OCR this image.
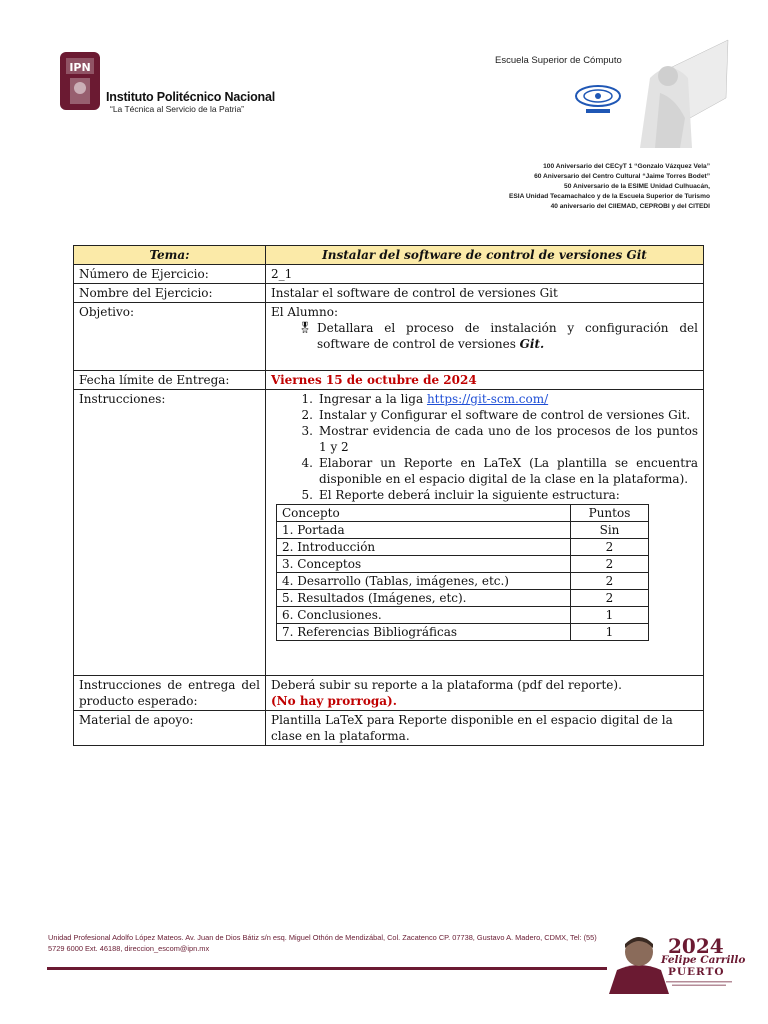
IPN
Instituto Politécnico Nacional
“La Técnica al Servicio de la Patria”
Escuela Superior de Cómputo
100 Aniversario del CECyT 1 “Gonzalo Vázquez Vela”
60 Aniversario del Centro Cultural “Jaime Torres Bodet”
50 Aniversario de la ESIME Unidad Culhuacán,
ESIA Unidad Tecamachalco y de la Escuela Superior de Turismo
40 aniversario del CIIEMAD, CEPROBI y del CITEDI
Tema:	Instalar del software de control de versiones Git
Número de Ejercicio:	2_1
Nombre del Ejercicio:	Instalar el software de control de versiones Git
Objetivo:	El Alumno:
🎖 Detallara el proceso de instalación y configuración del software de control de versiones Git.

Fecha límite de Entrega:	Viernes 15 de octubre de 2024
Instrucciones:	1. Ingresar a la liga https://git-scm.com/
2. Instalar y Configurar el software de control de versiones Git.
3. Mostrar evidencia de cada uno de los procesos de los puntos 1 y 2
4. Elaborar un Reporte en LaTeX (La plantilla se encuentra disponible en el espacio digital de la clase en la plataforma).
5. El Reporte deberá incluir la siguiente estructura:
Concepto	Puntos
1. Portada	Sin
2. Introducción	2
3. Conceptos	2
4. Desarrollo (Tablas, imágenes, etc.)	2
5. Resultados (Imágenes, etc).	2
6. Conclusiones.	1
7. Referencias Bibliográficas	1

Instrucciones de entrega del producto esperado:	
Deberá subir su reporte a la plataforma (pdf del reporte).
(No hay prorroga).

Material de apoyo:	Plantilla LaTeX para Reporte disponible en el espacio digital de la clase en la plataforma.
Unidad Profesional Adolfo López Mateos. Av. Juan de Dios Bátiz s/n esq. Miguel Othón de Mendizábal, Col. Zacatenco CP. 07738, Gustavo A. Madero, CDMX, Tel: (55) 5729 6000 Ext. 46188, direccion_escom@ipn.mx	2024
Felipe Carrillo
PUERTO
